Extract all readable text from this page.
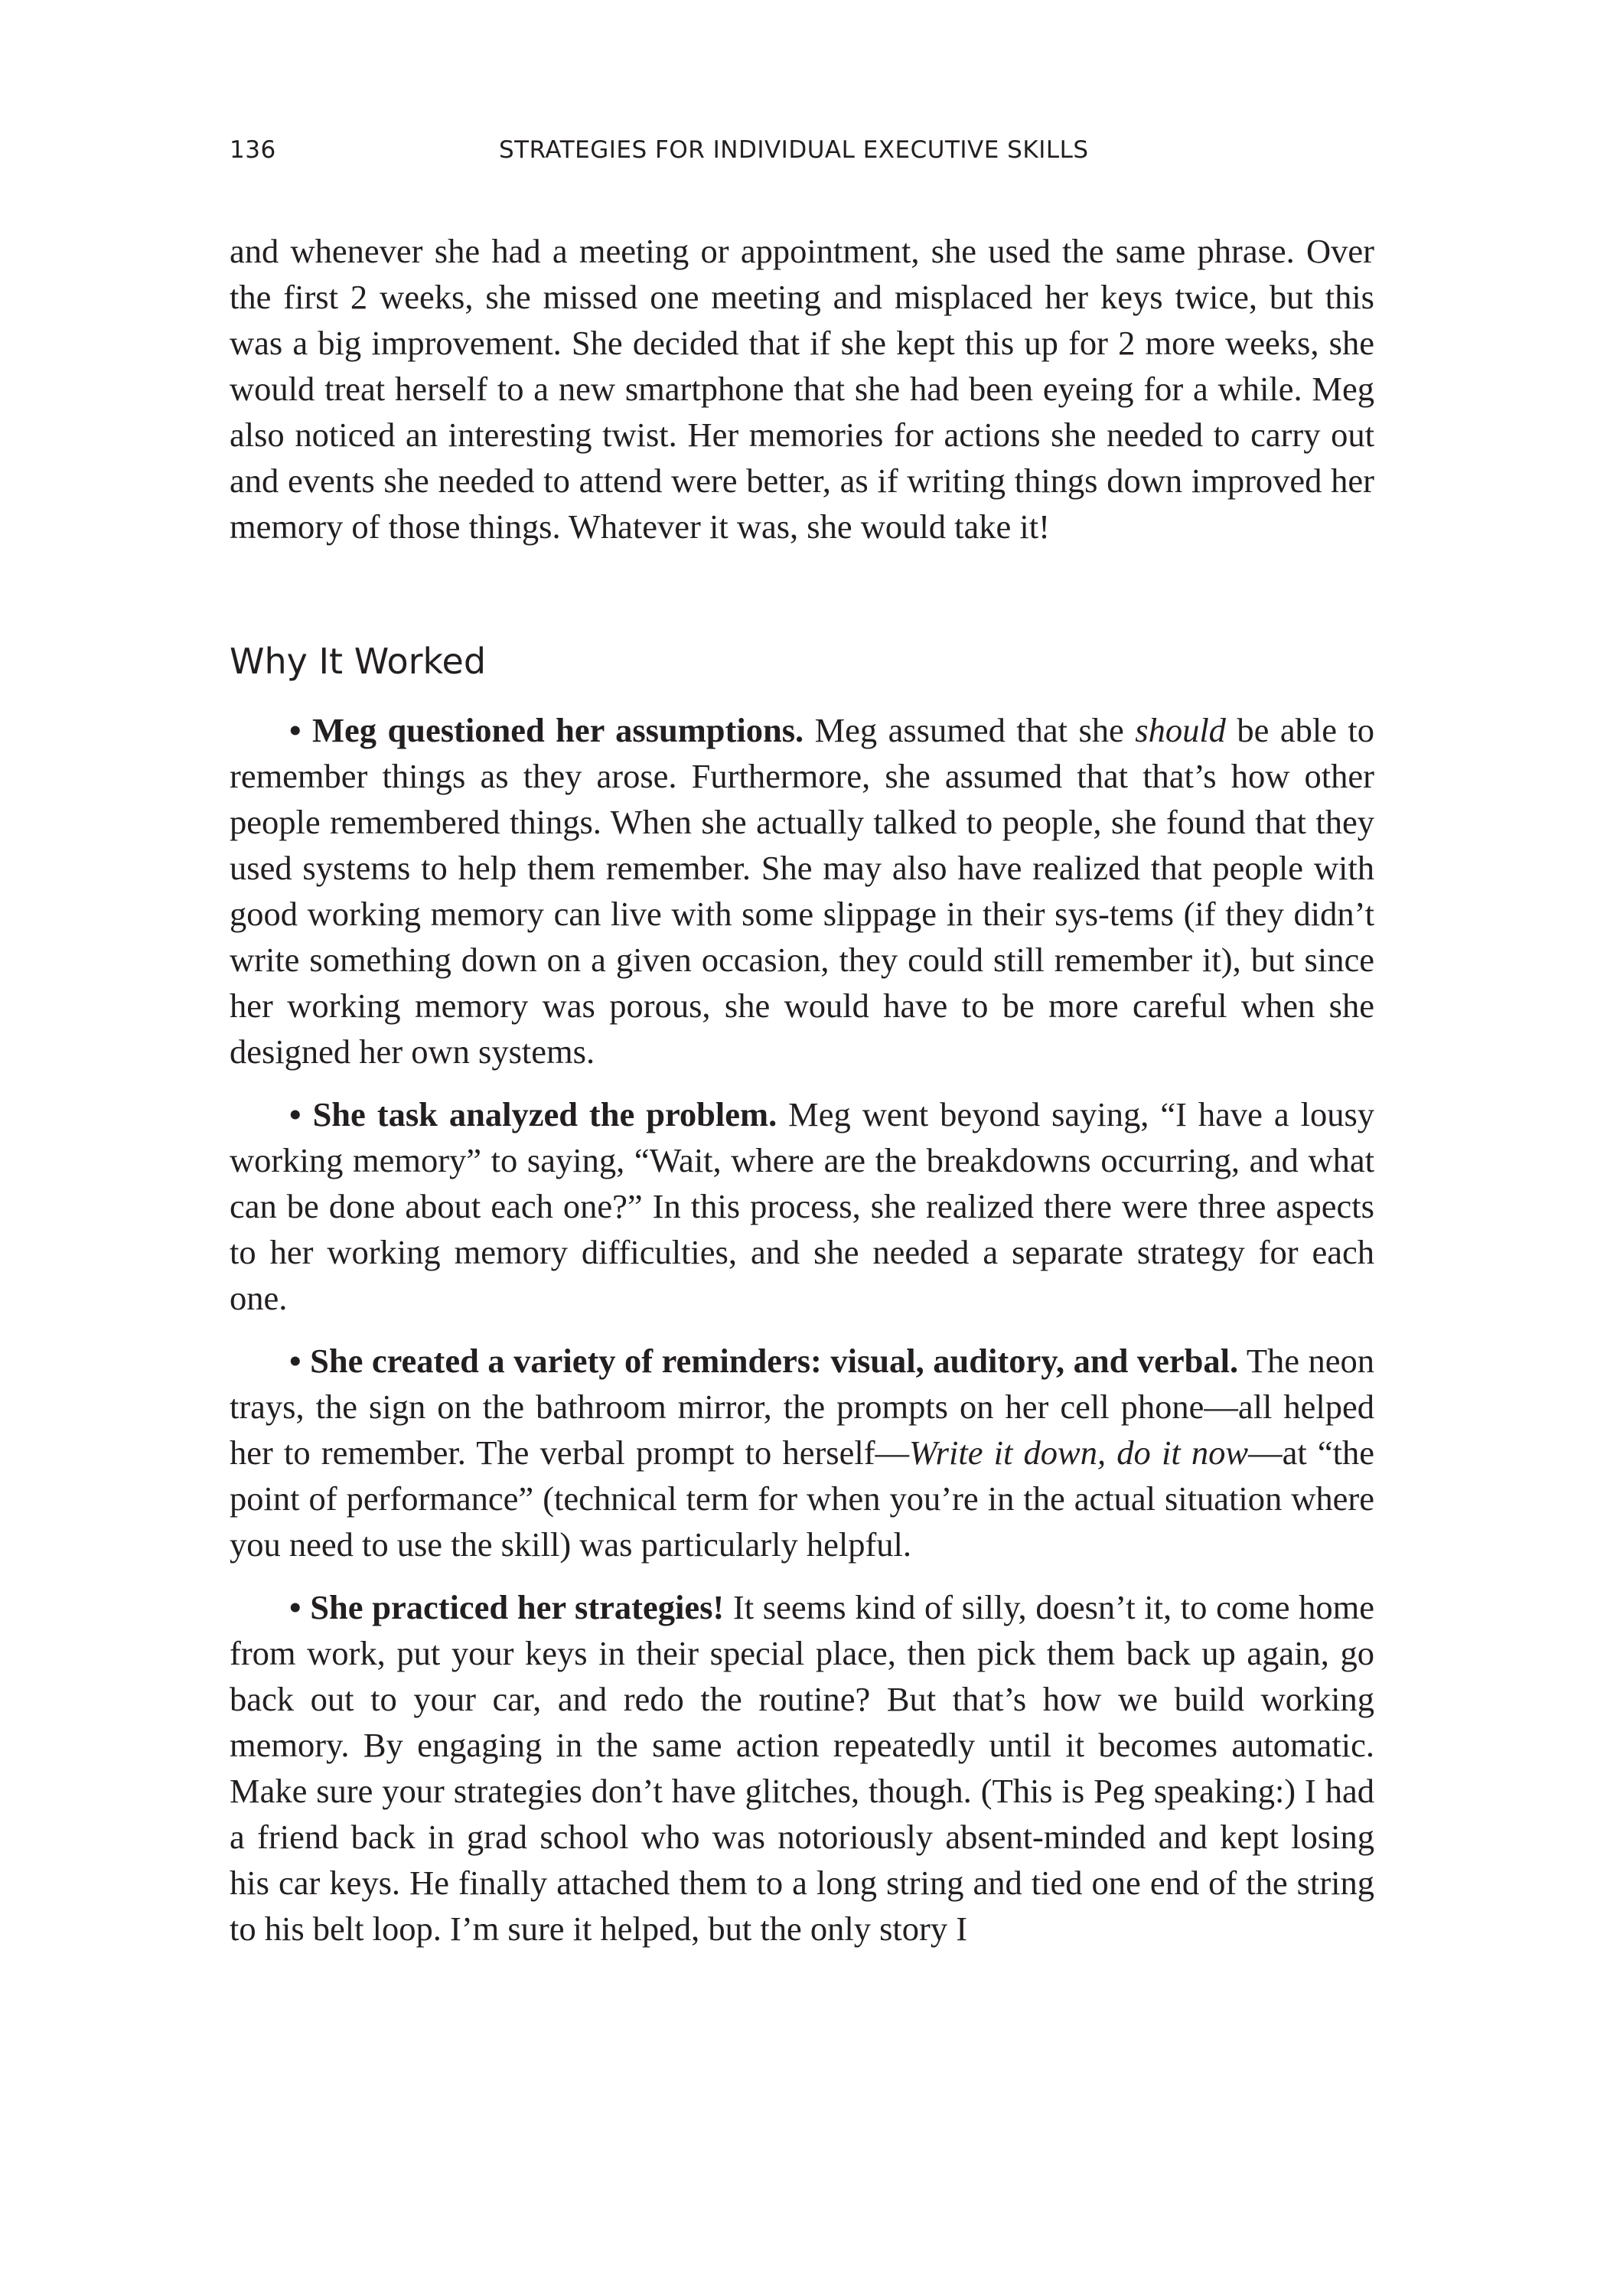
136	STRATEGIES FOR INDIVIDUAL EXECUTIVE SKILLS

and whenever she had a meeting or appointment, she used the same phrase. Over the first 2 weeks, she missed one meeting and misplaced her keys twice, but this was a big improvement. She decided that if she kept this up for 2 more weeks, she would treat herself to a new smartphone that she had been eyeing for a while. Meg also noticed an interesting twist. Her memories for actions she needed to carry out and events she needed to attend were better, as if writing things down improved her memory of those things. Whatever it was, she would take it!

Why It Worked

• Meg questioned her assumptions. Meg assumed that she should be able to remember things as they arose. Furthermore, she assumed that that’s how other people remembered things. When she actually talked to people, she found that they used systems to help them remember. She may also have realized that people with good working memory can live with some slippage in their sys-tems (if they didn’t write something down on a given occasion, they could still remember it), but since her working memory was porous, she would have to be more careful when she designed her own systems.

• She task analyzed the problem. Meg went beyond saying, “I have a lousy working memory” to saying, “Wait, where are the breakdowns occurring, and what can be done about each one?” In this process, she realized there were three aspects to her working memory difficulties, and she needed a separate strategy for each one.

• She created a variety of reminders: visual, auditory, and verbal. The neon trays, the sign on the bathroom mirror, the prompts on her cell phone—all helped her to remember. The verbal prompt to herself—Write it down, do it now—at “the point of performance” (technical term for when you’re in the actual situation where you need to use the skill) was particularly helpful.

• She practiced her strategies! It seems kind of silly, doesn’t it, to come home from work, put your keys in their special place, then pick them back up again, go back out to your car, and redo the routine? But that’s how we build working memory. By engaging in the same action repeatedly until it becomes automatic. Make sure your strategies don’t have glitches, though. (This is Peg speaking:) I had a friend back in grad school who was notoriously absent-minded and kept losing his car keys. He finally attached them to a long string and tied one end of the string to his belt loop. I’m sure it helped, but the only story I
